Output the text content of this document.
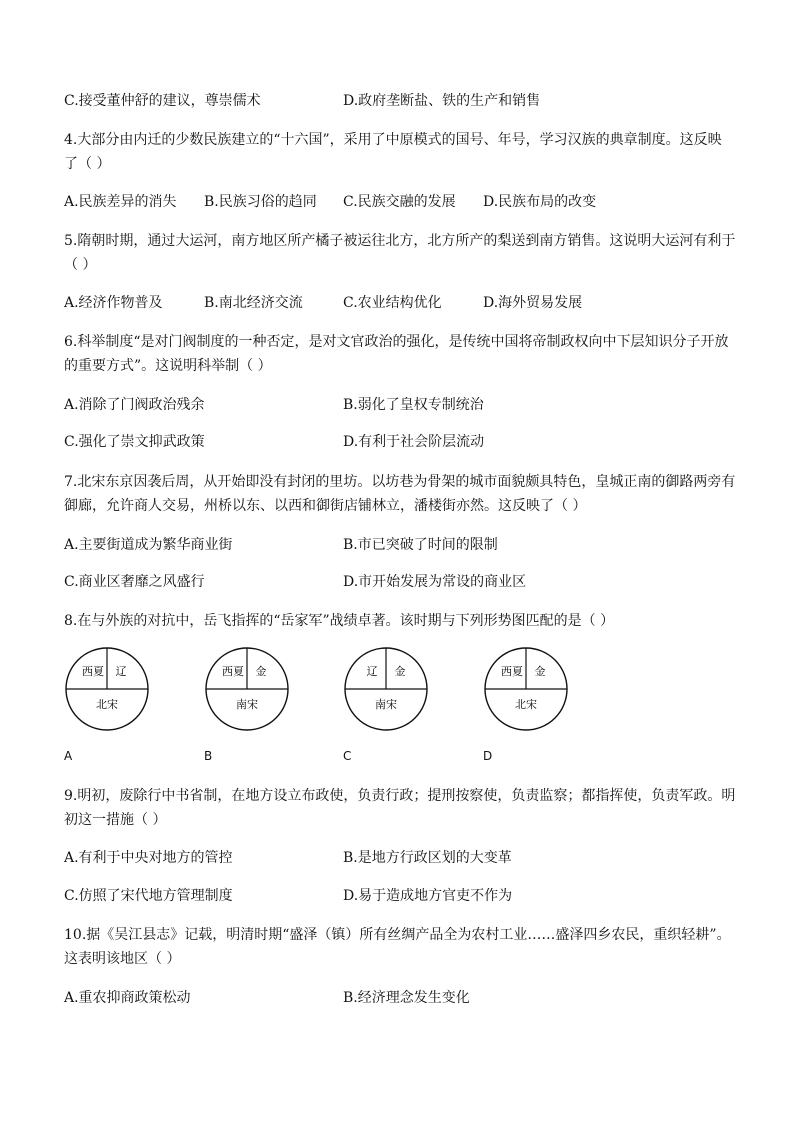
C.接受董仲舒的建议，尊崇儒术	D.政府垄断盐、铁的生产和销售
4.大部分由内迁的少数民族建立的“十六国”，采用了中原模式的国号、年号，学习汉族的典章制度。这反映
了（ ）
A.民族差异的消失 B.民族习俗的趋同 C.民族交融的发展 D.民族布局的改变
5.隋朝时期，通过大运河，南方地区所产橘子被运往北方，北方所产的梨送到南方销售。这说明大运河有利于
（ ）
A.经济作物普及	B.南北经济交流	C.农业结构优化	D.海外贸易发展
6.科举制度“是对门阀制度的一种否定，是对文官政治的强化，是传统中国将帝制政权向中下层知识分子开放
的重要方式”。这说明科举制（ ）
A.消除了门阀政治残余	B.弱化了皇权专制统治
C.强化了崇文抑武政策	D.有利于社会阶层流动
7.北宋东京因袭后周，从开始即没有封闭的里坊。以坊巷为骨架的城市面貌颇具特色，皇城正南的御路两旁有
御廊，允许商人交易，州桥以东、以西和御街店铺林立，潘楼街亦然。这反映了（ ）
A.主要街道成为繁华商业街	B.市已突破了时间的限制
C.商业区奢靡之风盛行	D.市开始发展为常设的商业区
8.在与外族的对抗中，岳飞指挥的“岳家军”战绩卓著。该时期与下列形势图匹配的是（ ）
西夏 辽
北宋
西夏 金
南宋
辽 金
南宋
西夏 金
北宋
A	B	C	D
9.明初，废除行中书省制，在地方设立布政使，负责行政；提刑按察使，负责监察；都指挥使，负责军政。明
初这一措施（ ）
A.有利于中央对地方的管控	B.是地方行政区划的大变革
C.仿照了宋代地方管理制度	D.易于造成地方官吏不作为
10.据《吴江县志》记载，明清时期“盛泽（镇）所有丝绸产品全为农村工业……盛泽四乡农民，重织轻耕”。
这表明该地区（ ）
A.重农抑商政策松动	B.经济理念发生变化
